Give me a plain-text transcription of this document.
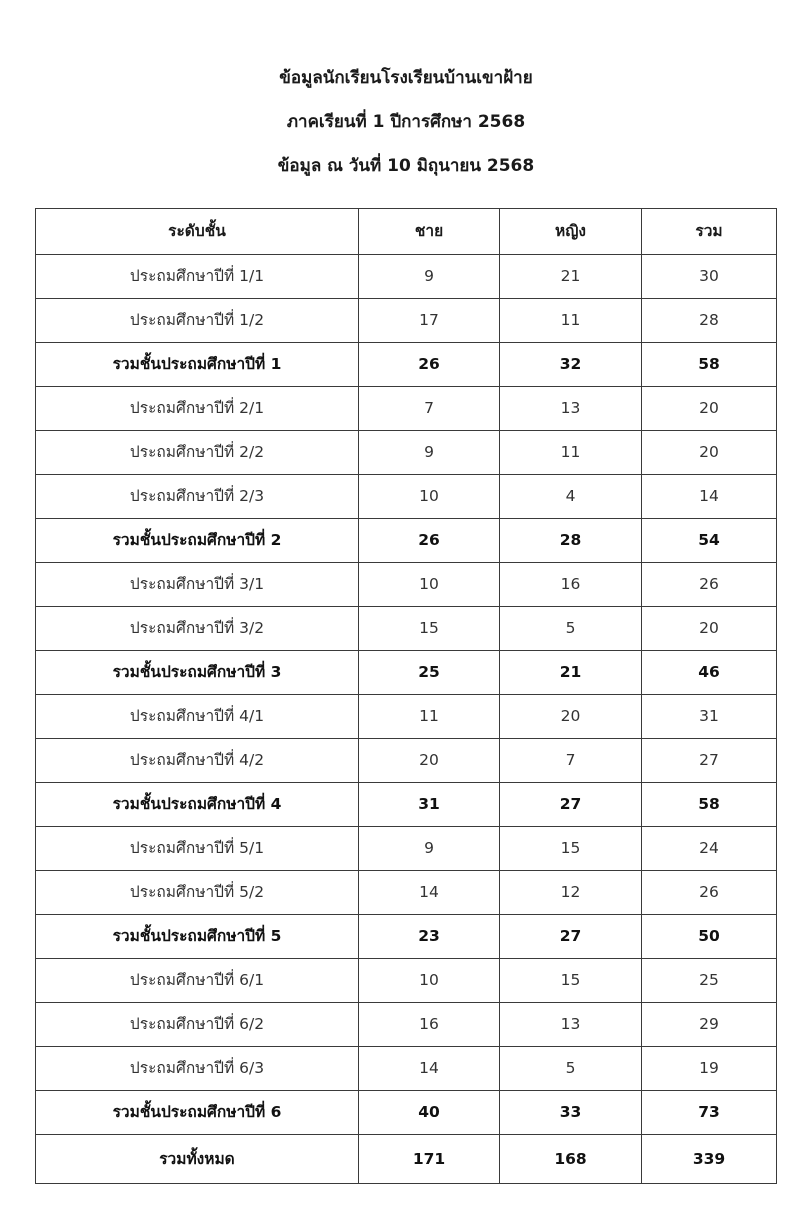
ข้อมูลนักเรียนโรงเรียนบ้านเขาฝ้าย
ภาคเรียนที่ 1 ปีการศึกษา 2568
ข้อมูล ณ วันที่ 10 มิถุนายน 2568
ระดับชั้น	ชาย	หญิง	รวม
ประถมศึกษาปีที่ 1/1	9	21	30
ประถมศึกษาปีที่ 1/2	17	11	28
รวมชั้นประถมศึกษาปีที่ 1	26	32	58
ประถมศึกษาปีที่ 2/1	7	13	20
ประถมศึกษาปีที่ 2/2	9	11	20
ประถมศึกษาปีที่ 2/3	10	4	14
รวมชั้นประถมศึกษาปีที่ 2	26	28	54
ประถมศึกษาปีที่ 3/1	10	16	26
ประถมศึกษาปีที่ 3/2	15	5	20
รวมชั้นประถมศึกษาปีที่ 3	25	21	46
ประถมศึกษาปีที่ 4/1	11	20	31
ประถมศึกษาปีที่ 4/2	20	7	27
รวมชั้นประถมศึกษาปีที่ 4	31	27	58
ประถมศึกษาปีที่ 5/1	9	15	24
ประถมศึกษาปีที่ 5/2	14	12	26
รวมชั้นประถมศึกษาปีที่ 5	23	27	50
ประถมศึกษาปีที่ 6/1	10	15	25
ประถมศึกษาปีที่ 6/2	16	13	29
ประถมศึกษาปีที่ 6/3	14	5	19
รวมชั้นประถมศึกษาปีที่ 6	40	33	73
รวมทั้งหมด	171	168	339
